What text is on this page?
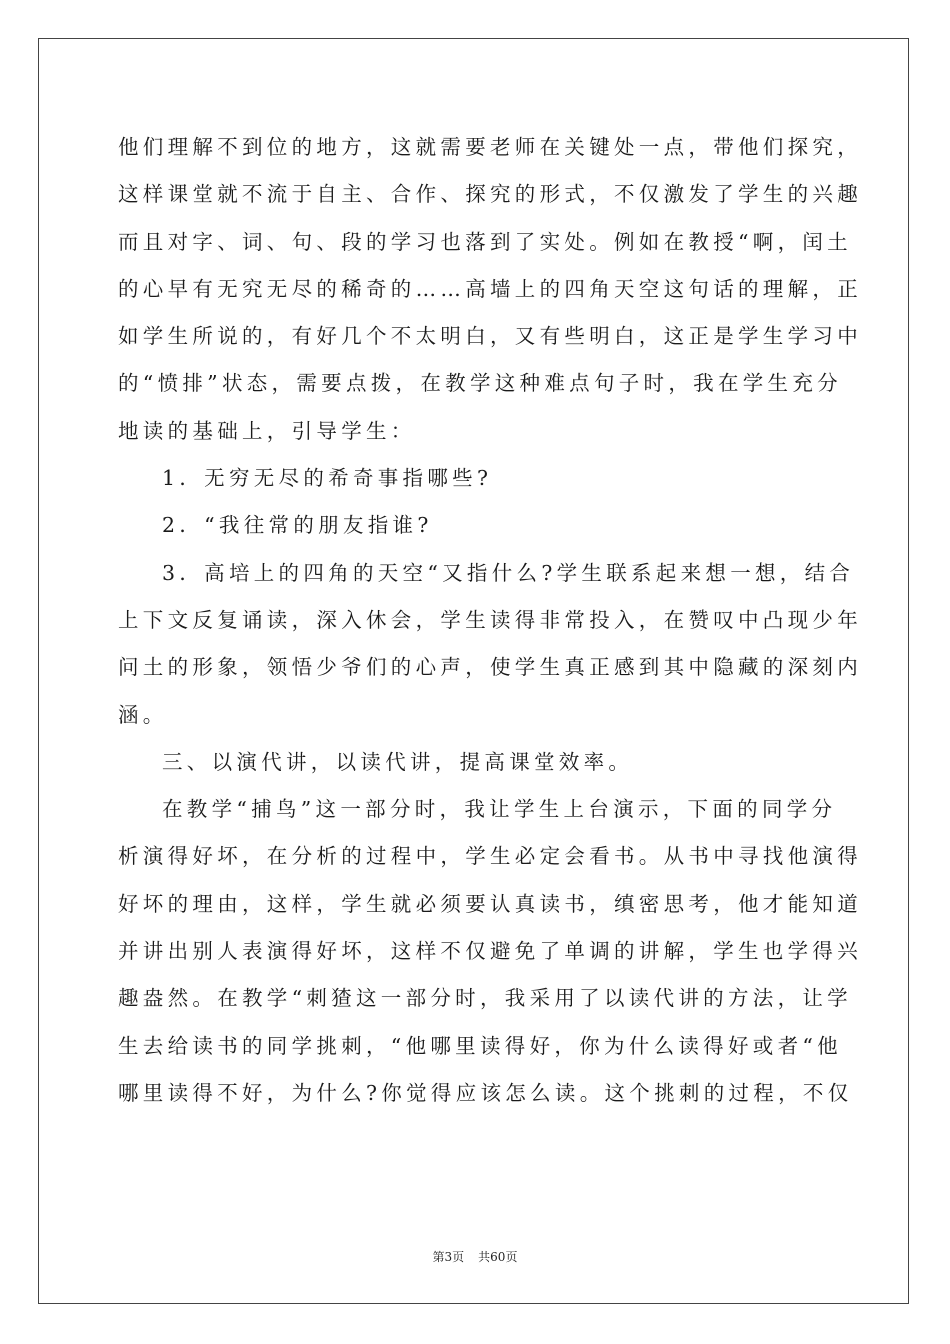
他们理解不到位的地方，这就需要老师在关键处一点，带他们探究，
这样课堂就不流于自主、合作、探究的形式，不仅激发了学生的兴趣
而且对字、词、句、段的学习也落到了实处。例如在教授“啊，闰土
的心早有无究无尽的稀奇的……高墙上的四角天空这句话的理解，正
如学生所说的，有好几个不太明白，又有些明白，这正是学生学习中
的“愤排”状态，需要点拨，在教学这种难点句子时，我在学生充分
地读的基础上，引导学生：
1．无穷无尽的希奇事指哪些?
2．“我往常的朋友指谁?
3．高培上的四角的天空“又指什么?学生联系起来想一想，结合
上下文反复诵读，深入休会，学生读得非常投入，在赞叹中凸现少年
问土的形象，领悟少爷们的心声，使学生真正感到其中隐藏的深刻内
涵。
三、以演代讲，以读代讲，提高课堂效率。
在教学“捕鸟”这一部分时，我让学生上台演示，下面的同学分
析演得好坏，在分析的过程中，学生必定会看书。从书中寻找他演得
好坏的理由，这样，学生就必须要认真读书，缜密思考，他才能知道
并讲出别人表演得好坏，这样不仅避免了单调的讲解，学生也学得兴
趣盎然。在教学“刺猹这一部分时，我采用了以读代讲的方法，让学
生去给读书的同学挑刺，“他哪里读得好，你为什么读得好或者“他
哪里读得不好，为什么?你觉得应该怎么读。这个挑刺的过程，不仅
第3页 共60页
